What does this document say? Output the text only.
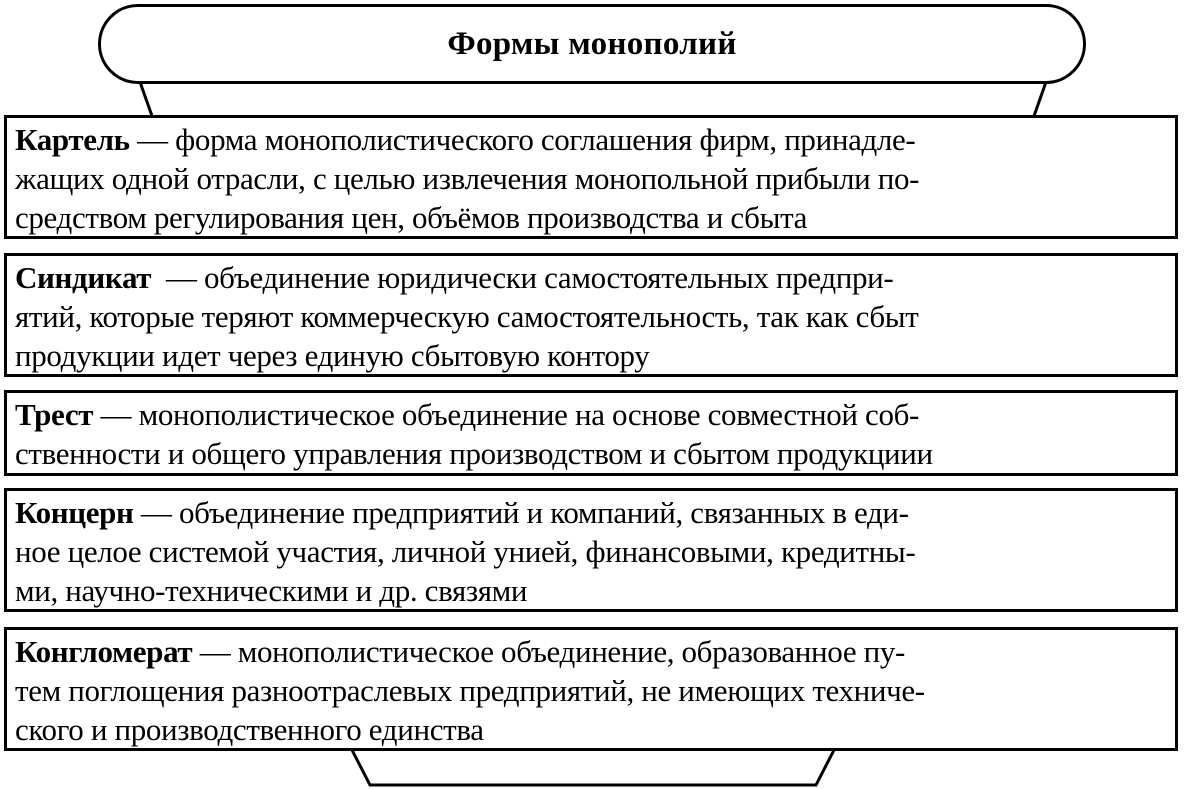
Формы монополий
Картель — форма монополистического соглашения фирм, принадле-
жащих одной отрасли, с целью извлечения монопольной прибыли по-
средством регулирования цен, объёмов производства и сбыта
Синдикат  — объединение юридически самостоятельных предпри-
ятий, которые теряют коммерческую самостоятельность, так как сбыт
продукции идет через единую сбытовую контору
Трест — монополистическое объединение на основе совместной соб-
ственности и общего управления производством и сбытом продукциии
Концерн — объединение предприятий и компаний, связанных в еди-
ное целое системой участия, личной унией, финансовыми, кредитны-
ми, научно-техническими и др. связями
Конгломерат — монополистическое объединение, образованное пу-
тем поглощения разноотраслевых предприятий, не имеющих техниче-
ского и производственного единства
